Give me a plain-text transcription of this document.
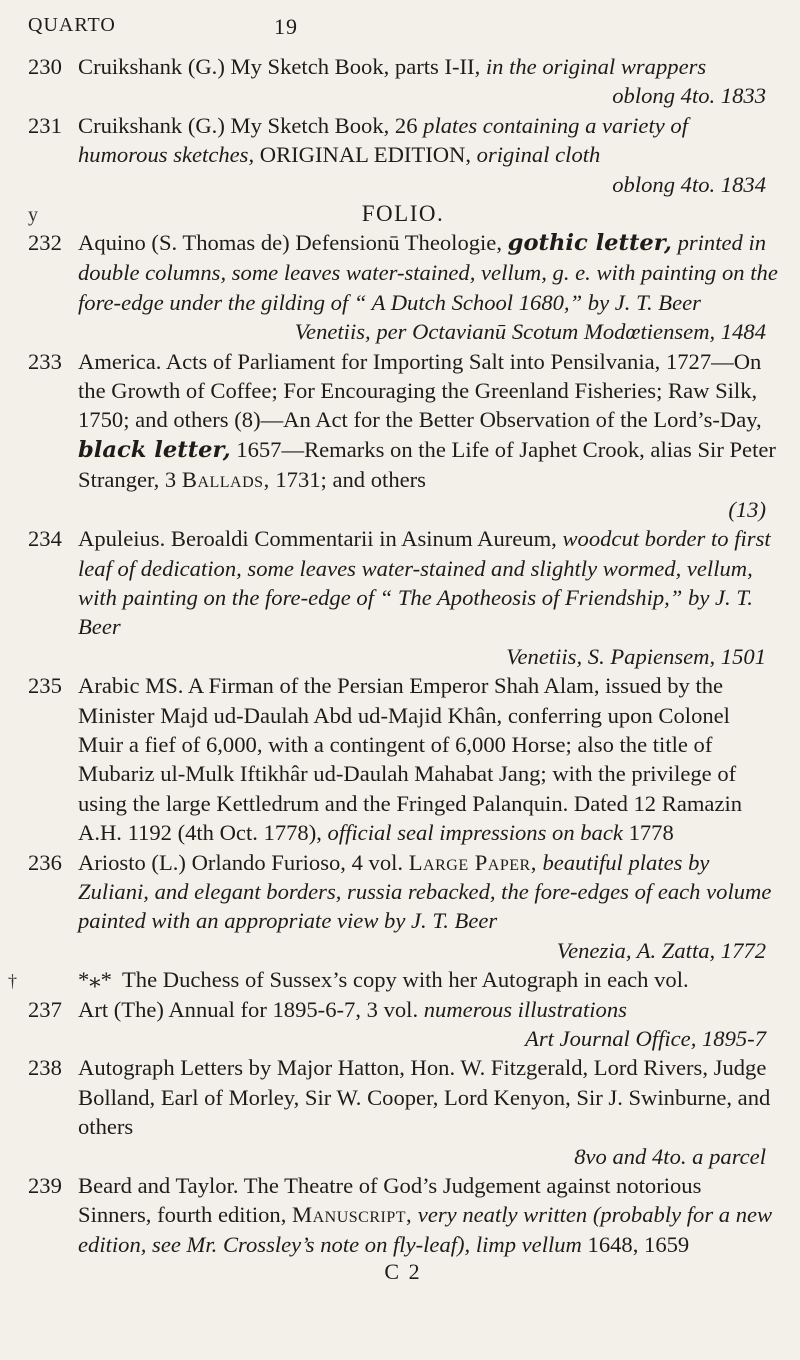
QUARTO	19
230 Cruikshank (G.) My Sketch Book, parts I-II, in the original wrappers
oblong 4to. 1833
231 Cruikshank (G.) My Sketch Book, 26 plates containing a variety of humorous sketches, ORIGINAL EDITION, original cloth
oblong 4to. 1834
y	FOLIO.
232 Aquino (S. Thomas de) Defensionū Theologie, gothic letter, printed in double columns, some leaves water-stained, vellum, g. e. with painting on the fore-edge under the gilding of “ A Dutch School 1680,” by J. T. Beer
Venetiis, per Octavianū Scotum Modœtiensem, 1484
233 America. Acts of Parliament for Importing Salt into Pensilvania, 1727—On the Growth of Coffee; For Encouraging the Greenland Fisheries; Raw Silk, 1750; and others (8)—An Act for the Better Observation of the Lord’s-Day, black letter, 1657—Remarks on the Life of Japhet Crook, alias Sir Peter Stranger, 3 Ballads, 1731; and others
(13)
234 Apuleius. Beroaldi Commentarii in Asinum Aureum, woodcut border to first leaf of dedication, some leaves water-stained and slightly wormed, vellum, with painting on the fore-edge of “ The Apotheosis of Friendship,” by J. T. Beer
Venetiis, S. Papiensem, 1501
235 Arabic MS. A Firman of the Persian Emperor Shah Alam, issued by the Minister Majd ud-Daulah Abd ud-Majid Khân, conferring upon Colonel Muir a fief of 6,000, with a contingent of 6,000 Horse; also the title of Mubariz ul-Mulk Iftikhâr ud-Daulah Mahabat Jang; with the privilege of using the large Kettledrum and the Fringed Palanquin. Dated 12 Ramazin A.H. 1192 (4th Oct. 1778), official seal impressions on back 1778
236 Ariosto (L.) Orlando Furioso, 4 vol. Large Paper, beautiful plates by Zuliani, and elegant borders, russia rebacked, the fore-edges of each volume painted with an appropriate view by J. T. Beer
Venezia, A. Zatta, 1772
†	*⁎* The Duchess of Sussex’s copy with her Autograph in each vol.
237 Art (The) Annual for 1895-6-7, 3 vol. numerous illustrations
Art Journal Office, 1895-7
238 Autograph Letters by Major Hatton, Hon. W. Fitzgerald, Lord Rivers, Judge Bolland, Earl of Morley, Sir W. Cooper, Lord Kenyon, Sir J. Swinburne, and others
8vo and 4to. a parcel
239 Beard and Taylor. The Theatre of God’s Judgement against notorious Sinners, fourth edition, Manuscript, very neatly written (probably for a new edition, see Mr. Crossley’s note on fly-leaf), limp vellum 1648, 1659
C 2
